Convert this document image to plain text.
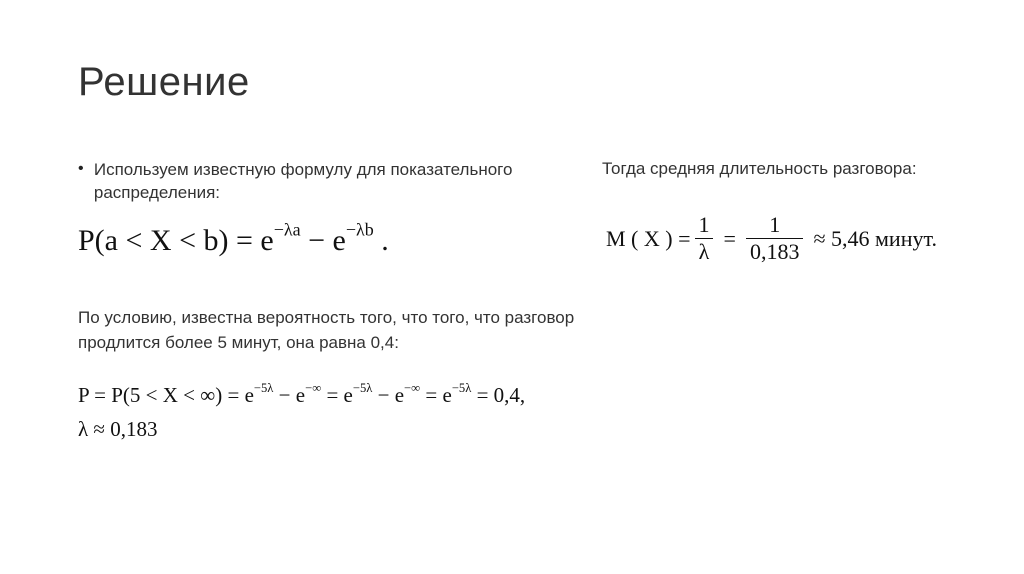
Решение
• Используем известную формулу для показательного распределения:
$P(a < X < b) = e^{-\lambda a} - e^{-\lambda b}$ .
По условию, известна вероятность того, что того, что разговор продлится более 5 минут, она равна 0,4:
P = P(5 < X < ∞) = $e^{-5\lambda} - e^{-\infty} = e^{-5\lambda} - e^{-\infty} = e^{-5\lambda} = 0,4$,
λ ≈ 0,183
Тогда средняя длительность разговора:
M ( X ) = $\frac{1}{\lambda} = \frac{1}{0,183} \approx 5,46$ минут.
